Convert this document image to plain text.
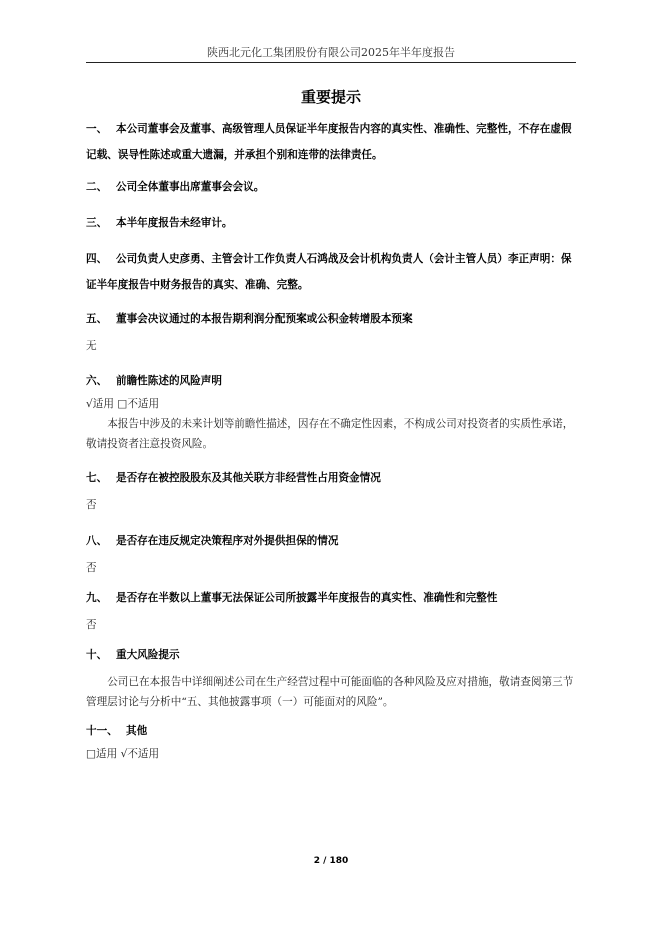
陕西北元化工集团股份有限公司2025年半年度报告
重要提示

一、 本公司董事会及董事、高级管理人员保证半年度报告内容的真实性、准确性、完整性，不存在虚假记载、误导性陈述或重大遗漏，并承担个别和连带的法律责任。

二、 公司全体董事出席董事会会议。

三、 本半年度报告未经审计。

四、 公司负责人史彦勇、主管会计工作负责人石鸿战及会计机构负责人（会计主管人员）李正声明：保证半年度报告中财务报告的真实、准确、完整。

五、 董事会决议通过的本报告期利润分配预案或公积金转增股本预案

无

六、 前瞻性陈述的风险声明

√适用 □不适用

本报告中涉及的未来计划等前瞻性描述，因存在不确定性因素，不构成公司对投资者的实质性承诺，敬请投资者注意投资风险。

七、 是否存在被控股股东及其他关联方非经营性占用资金情况

否

八、 是否存在违反规定决策程序对外提供担保的情况

否

九、 是否存在半数以上董事无法保证公司所披露半年度报告的真实性、准确性和完整性

否

十、 重大风险提示

公司已在本报告中详细阐述公司在生产经营过程中可能面临的各种风险及应对措施，敬请查阅第三节管理层讨论与分析中“五、其他披露事项（一）可能面对的风险”。

十一、 其他

□适用 √不适用

2 / 180
